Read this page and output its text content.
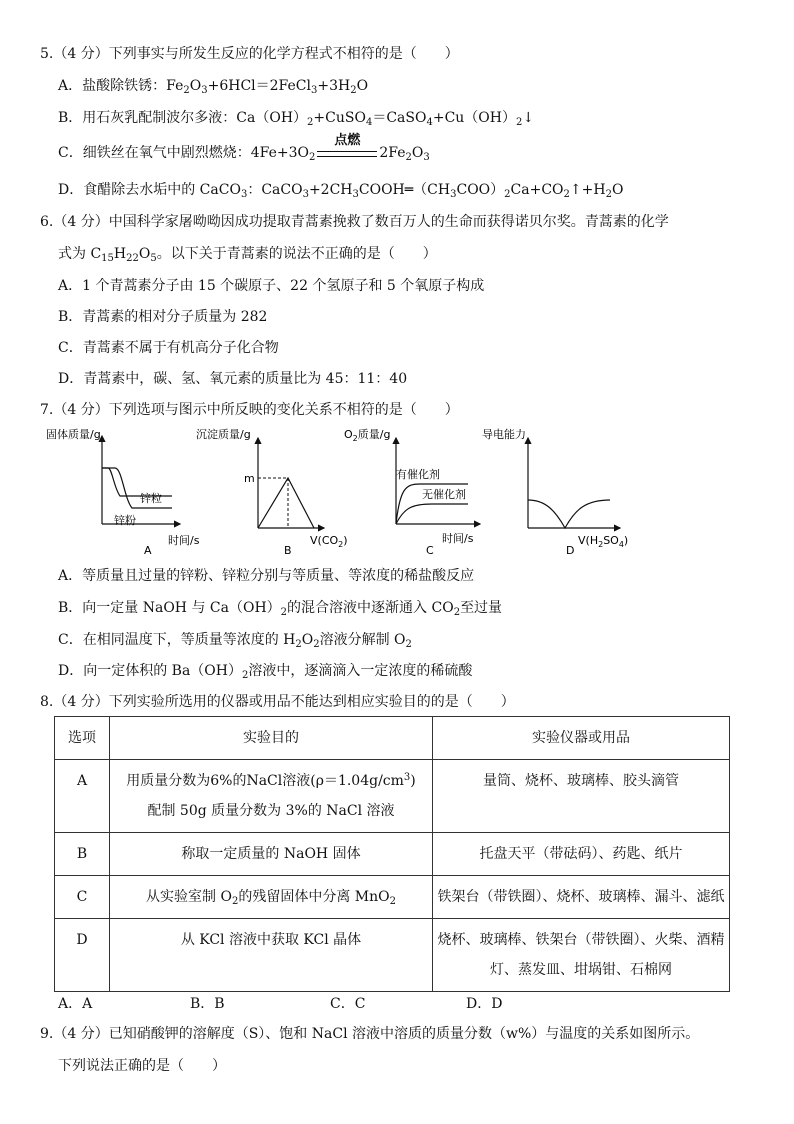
5.（4 分）下列事实与所发生反应的化学方程式不相符的是（　　）
A．盐酸除铁锈：$Fe_2O_3+6HCl=2FeCl_3+3H_2O$
B．用石灰乳配制波尔多液：$Ca(OH)_2+CuSO_4=CaSO_4+Cu(OH)_2↓$
C．细铁丝在氧气中剧烈燃烧：$4Fe+3O_2$
点燃
$2Fe_2O_3$
D．食醋除去水垢中的 CaCO$_3$：$CaCO_3+2CH_3COOH═(CH_3COO)_2Ca+CO_2↑+H_2O$
6.（4 分）中国科学家屠呦呦因成功提取青蒿素挽救了数百万人的生命而获得诺贝尔奖。青蒿素的化学
式为 $C_{15}H_{22}O_5$。以下关于青蒿素的说法不正确的是（　　）
A．1 个青蒿素分子由 15 个碳原子、22 个氢原子和 5 个氧原子构成
B．青蒿素的相对分子质量为 282
C．青蒿素不属于有机高分子化合物
D．青蒿素中，碳、氢、氧元素的质量比为 45：11：40
7.（4 分）下列选项与图示中所反映的变化关系不相符的是（　　）
固体质量/g
锌粒
锌粉
时间/s
A
沉淀质量/g
m
$V(CO_2)$
B
$O_2$质量/g
有催化剂
无催化剂
时间/s
C
导电能力
$V(H_2SO_4)$
D
A．等质量且过量的锌粉、锌粒分别与等质量、等浓度的稀盐酸反应
B．向一定量 NaOH 与 $Ca(OH)_2$的混合溶液中逐渐通入 $CO_2$至过量
C．在相同温度下，等质量等浓度的 $H_2O_2$溶液分解制 $O_2$
D．向一定体积的 $Ba(OH)_2$溶液中，逐滴滴入一定浓度的稀硫酸
8.（4 分）下列实验所选用的仪器或用品不能达到相应实验目的的是（　　）
选项	实验目的	实验仪器或用品
A	用质量分数为6%的NaCl溶液$(\rho=1.04g/cm^3)$
配制 50g 质量分数为 3%的 NaCl 溶液	量筒、烧杯、玻璃棒、胶头滴管
B	称取一定质量的 NaOH 固体	托盘天平（带砝码）、药匙、纸片
C	从实验室制 $O_2$的残留固体中分离 MnO$_2$	铁架台（带铁圈）、烧杯、玻璃棒、漏斗、滤纸
D	从 KCl 溶液中获取 KCl 晶体	烧杯、玻璃棒、铁架台（带铁圈）、火柴、酒精灯、蒸发皿、坩埚钳、石棉网
A．A	B．B	C．C	D．D
9.（4 分）已知硝酸钾的溶解度（S）、饱和 NaCl 溶液中溶质的质量分数（w%）与温度的关系如图所示。
下列说法正确的是（　　）
